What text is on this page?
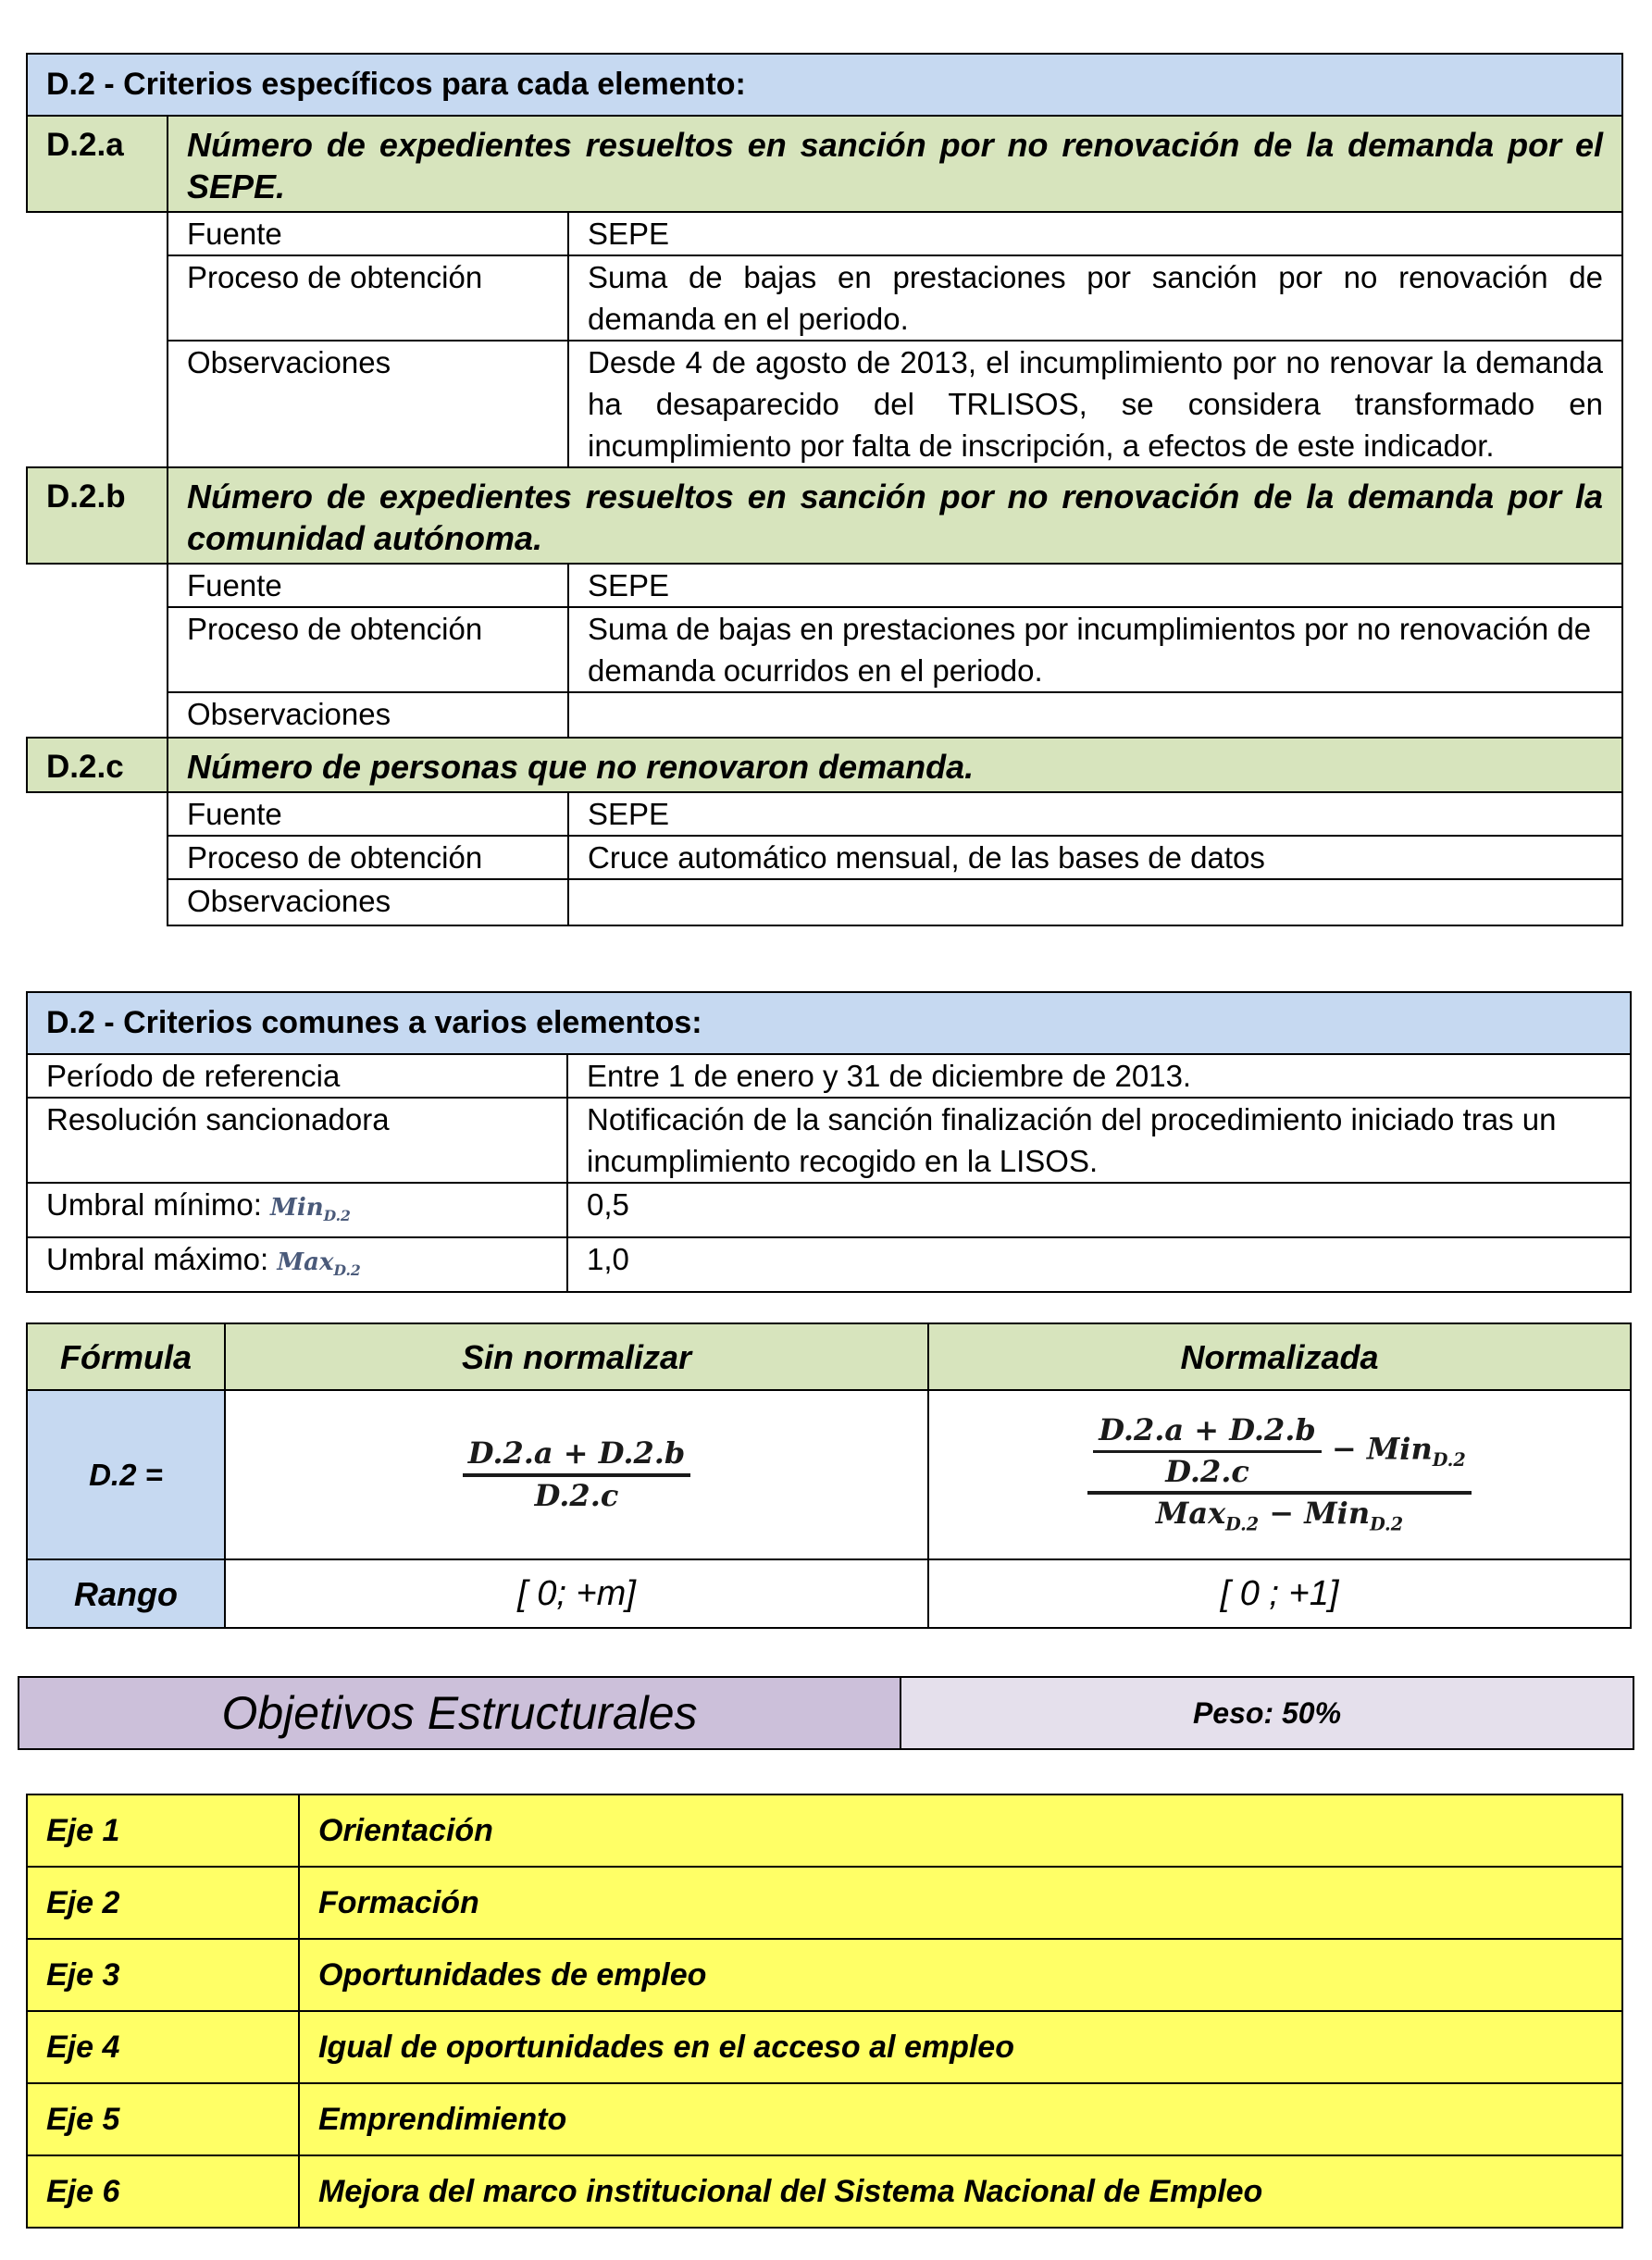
D.2 - Criterios específicos para cada elemento:		
D.2.a	Número de expedientes resueltos en sanción por no renovación de la demanda por el SEPE.	
	Fuente	SEPE
	Proceso de obtención	Suma de bajas en prestaciones por sanción por no renovación de demanda en el periodo.
	Observaciones	Desde 4 de agosto de 2013, el incumplimiento por no renovar la demanda ha desaparecido del TRLISOS, se considera transformado en incumplimiento por falta de inscripción, a efectos de este indicador.
D.2.b	Número de expedientes resueltos en sanción por no renovación de la demanda por la comunidad autónoma.	
	Fuente	SEPE
	Proceso de obtención	Suma de bajas en prestaciones por incumplimientos por no renovación de demanda ocurridos en el periodo.
	Observaciones	
D.2.c	Número de personas que no renovaron demanda.	
	Fuente	SEPE
	Proceso de obtención	Cruce automático mensual, de las bases de datos
	Observaciones	
D.2 - Criterios comunes a varios elementos:	
Período de referencia	Entre 1 de enero y 31 de diciembre de 2013.
Resolución sancionadora	Notificación de la sanción finalización del procedimiento iniciado tras un incumplimiento recogido en la LISOS.
Umbral mínimo: Min$_{D.2}$	0,5
Umbral máximo: Max$_{D.2}$	1,0
Fórmula	Sin normalizar	Normalizada
D.2 =	$\frac{D.2.a + D.2.b}{D.2.c}$	$\frac{D.2.a + D.2.b}{D.2.c} - Min_{D.2}$
Max$_{D.2}$ − Min$_{D.2}$

Rango	[ 0; +m]	[ 0 ; +1]
Objetivos Estructurales	Peso: 50%
Eje 1	Orientación
Eje 2	Formación
Eje 3	Oportunidades de empleo
Eje 4	Igual de oportunidades en el acceso al empleo
Eje 5	Emprendimiento
Eje 6	Mejora del marco institucional del Sistema Nacional de Empleo
